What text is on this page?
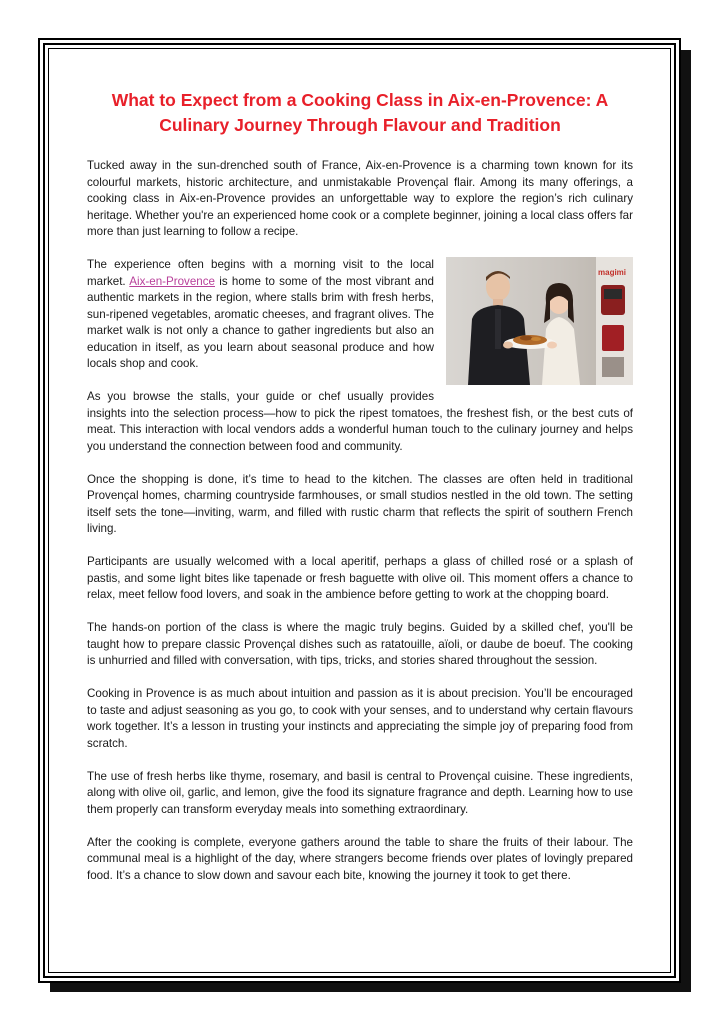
What to Expect from a Cooking Class in Aix-en-Provence: A Culinary Journey Through Flavour and Tradition

Tucked away in the sun-drenched south of France, Aix-en-Provence is a charming town known for its colourful markets, historic architecture, and unmistakable Provençal flair. Among its many offerings, a cooking class in Aix-en-Provence provides an unforgettable way to explore the region’s rich culinary heritage. Whether you're an experienced home cook or a complete beginner, joining a local class offers far more than just learning to follow a recipe.

magimi

The experience often begins with a morning visit to the local market. Aix-en-Provence is home to some of the most vibrant and authentic markets in the region, where stalls brim with fresh herbs, sun-ripened vegetables, aromatic cheeses, and fragrant olives. The market walk is not only a chance to gather ingredients but also an education in itself, as you learn about seasonal produce and how locals shop and cook.

As you browse the stalls, your guide or chef usually provides insights into the selection process—how to pick the ripest tomatoes, the freshest fish, or the best cuts of meat. This interaction with local vendors adds a wonderful human touch to the culinary journey and helps you understand the connection between food and community.

Once the shopping is done, it’s time to head to the kitchen. The classes are often held in traditional Provençal homes, charming countryside farmhouses, or small studios nestled in the old town. The setting itself sets the tone—inviting, warm, and filled with rustic charm that reflects the spirit of southern French living.

Participants are usually welcomed with a local aperitif, perhaps a glass of chilled rosé or a splash of pastis, and some light bites like tapenade or fresh baguette with olive oil. This moment offers a chance to relax, meet fellow food lovers, and soak in the ambience before getting to work at the chopping board.

The hands-on portion of the class is where the magic truly begins. Guided by a skilled chef, you'll be taught how to prepare classic Provençal dishes such as ratatouille, aïoli, or daube de boeuf. The cooking is unhurried and filled with conversation, with tips, tricks, and stories shared throughout the session.

Cooking in Provence is as much about intuition and passion as it is about precision. You’ll be encouraged to taste and adjust seasoning as you go, to cook with your senses, and to understand why certain flavours work together. It’s a lesson in trusting your instincts and appreciating the simple joy of preparing food from scratch.

The use of fresh herbs like thyme, rosemary, and basil is central to Provençal cuisine. These ingredients, along with olive oil, garlic, and lemon, give the food its signature fragrance and depth. Learning how to use them properly can transform everyday meals into something extraordinary.

After the cooking is complete, everyone gathers around the table to share the fruits of their labour. The communal meal is a highlight of the day, where strangers become friends over plates of lovingly prepared food. It’s a chance to slow down and savour each bite, knowing the journey it took to get there.
